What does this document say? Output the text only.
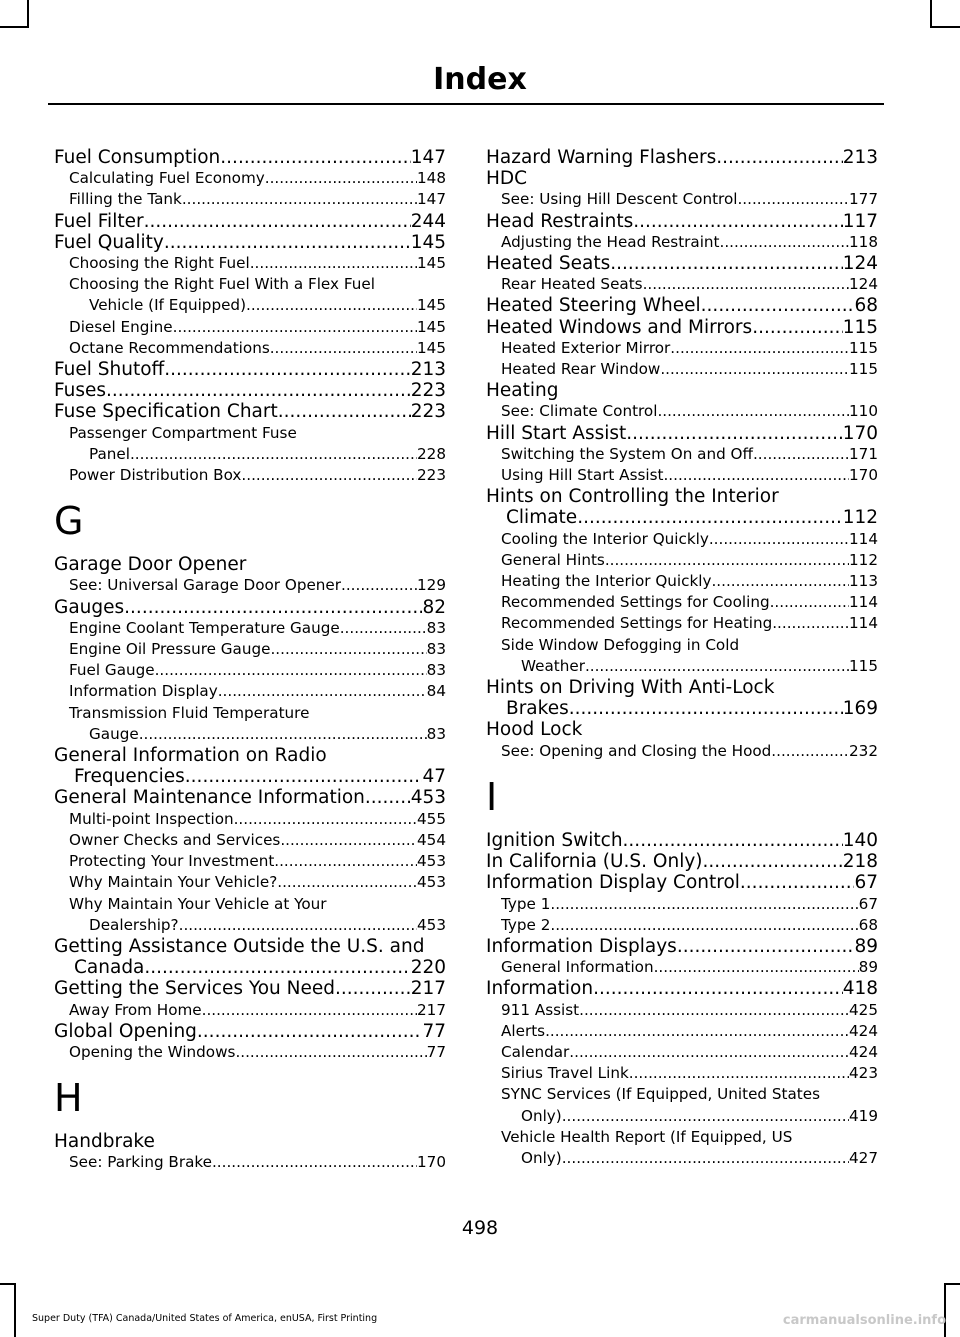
Index
Fuel Consumption .....	147
Calculating Fuel Economy .....	148
Filling the Tank .....	147
Fuel Filter .....	244
Fuel Quality .....	145
Choosing the Right Fuel .....	145
Choosing the Right Fuel With a Flex Fuel
Vehicle (If Equipped) .....	145
Diesel Engine .....	145
Octane Recommendations .....	145
Fuel Shutoff .....	213
Fuses .....	223
Fuse Specification Chart .....	223
Passenger Compartment Fuse
Panel .....	228
Power Distribution Box .....	223
G
Garage Door Opener
See: Universal Garage Door Opener .....	129
Gauges .....	82
Engine Coolant Temperature Gauge .....	83
Engine Oil Pressure Gauge .....	83
Fuel Gauge .....	83
Information Display .....	84
Transmission Fluid Temperature
Gauge .....	83
General Information on Radio
Frequencies .....	47
General Maintenance Information ..... 453
Multi-point Inspection .....	455
Owner Checks and Services .....	454
Protecting Your Investment .....	453
Why Maintain Your Vehicle? .....	453
Why Maintain Your Vehicle at Your
Dealership? .....	453
Getting Assistance Outside the U.S. and
Canada .....	220
Getting the Services You Need .....	217
Away From Home .....	217
Global Opening .....	77
Opening the Windows .....	77
H
Handbrake
See: Parking Brake .....	170
Hazard Warning Flashers .....	213
HDC
See: Using Hill Descent Control .....	177
Head Restraints .....	117
Adjusting the Head Restraint .....	118
Heated Seats .....	124
Rear Heated Seats .....	124
Heated Steering Wheel .....	68
Heated Windows and Mirrors .....	115
Heated Exterior Mirror .....	115
Heated Rear Window .....	115
Heating
See: Climate Control .....	110
Hill Start Assist .....	170
Switching the System On and Off .....	171
Using Hill Start Assist .....	170
Hints on Controlling the Interior
Climate .....	112
Cooling the Interior Quickly .....	114
General Hints .....	112
Heating the Interior Quickly .....	113
Recommended Settings for Cooling .....	114
Recommended Settings for Heating .....	114
Side Window Defogging in Cold
Weather .....	115
Hints on Driving With Anti-Lock
Brakes .....	169
Hood Lock
See: Opening and Closing the Hood .....	232
I
Ignition Switch .....	140
In California (U.S. Only) .....	218
Information Display Control .....	67
Type 1 .....	67
Type 2 .....	68
Information Displays .....	89
General Information .....	89
Information .....	418
911 Assist .....	425
Alerts .....	424
Calendar .....	424
Sirius Travel Link .....	423
SYNC Services (If Equipped, United States
Only) .....	419
Vehicle Health Report (If Equipped, US
Only) .....	427
498
Super Duty (TFA) Canada/United States of America, enUSA, First Printing	carmanualsonline.info
